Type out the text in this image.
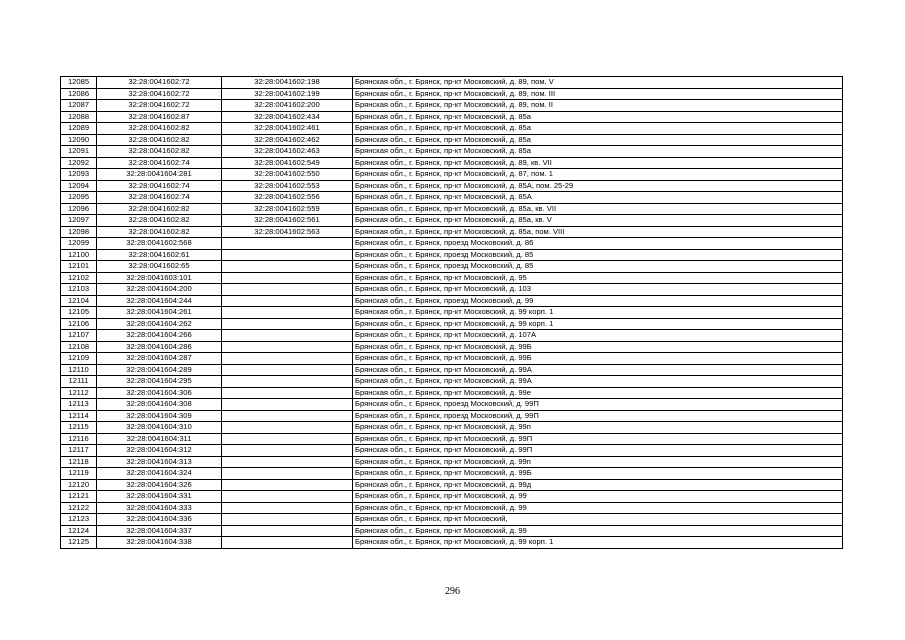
12085	32:28:0041602:72	32:28:0041602:198	Брянская обл., г. Брянск, пр-кт Московский, д. 89, пом. V
12086	32:28:0041602:72	32:28:0041602:199	Брянская обл., г. Брянск, пр-кт Московский, д. 89, пом. III
12087	32:28:0041602:72	32:28:0041602:200	Брянская обл., г. Брянск, пр-кт Московский, д. 89, пом. II
12088	32:28:0041602:87	32:28:0041602:434	Брянская обл., г. Брянск, пр-кт Московский, д. 85а
12089	32:28:0041602:82	32:28:0041602:461	Брянская обл., г. Брянск, пр-кт Московский, д. 85а
12090	32:28:0041602:82	32:28:0041602:462	Брянская обл., г. Брянск, пр-кт Московский, д. 85а
12091	32:28:0041602:82	32:28:0041602:463	Брянская обл., г. Брянск, пр-кт Московский, д. 85а
12092	32:28:0041602:74	32:28:0041602:549	Брянская обл., г. Брянск, пр-кт Московский, д. 89, кв. VII
12093	32:28:0041604:281	32:28:0041602:550	Брянская обл., г. Брянск, пр-кт Московский, д. 87, пом. 1
12094	32:28:0041602:74	32:28:0041602:553	Брянская обл., г. Брянск, пр-кт Московский, д. 85А, пом. 25-29
12095	32:28:0041602:74	32:28:0041602:556	Брянская обл., г. Брянск, пр-кт Московский, д. 85А
12096	32:28:0041602:82	32:28:0041602:559	Брянская обл., г. Брянск, пр-кт Московский, д. 85а, кв. VII
12097	32:28:0041602:82	32:28:0041602:561	Брянская обл., г. Брянск, пр-кт Московский, д. 85а, кв. V
12098	32:28:0041602:82	32:28:0041602:563	Брянская обл., г. Брянск, пр-кт Московский, д. 85а, пом. VIII
12099	32:28:0041602:568		Брянская обл., г. Брянск, проезд Московский, д. 86
12100	32:28:0041602:61		Брянская обл., г. Брянск, проезд Московский, д. 85
12101	32:28:0041602:65		Брянская обл., г. Брянск, проезд Московский, д. 85
12102	32:28:0041603:101		Брянская обл., г. Брянск, пр-кт Московский, д. 95
12103	32:28:0041604:200		Брянская обл., г. Брянск, пр-кт Московский, д. 103
12104	32:28:0041604:244		Брянская обл., г. Брянск, проезд Московский, д. 99
12105	32:28:0041604:261		Брянская обл., г. Брянск, пр-кт Московский, д. 99 корп. 1
12106	32:28:0041604:262		Брянская обл., г. Брянск, пр-кт Московский, д. 99 корп. 1
12107	32:28:0041604:266		Брянская обл., г. Брянск, пр-кт Московский, д. 107А
12108	32:28:0041604:286		Брянская обл., г. Брянск, пр-кт Московский, д. 99Б
12109	32:28:0041604:287		Брянская обл., г. Брянск, пр-кт Московский, д. 99Б
12110	32:28:0041604:289		Брянская обл., г. Брянск, пр-кт Московский, д. 99А
12111	32:28:0041604:295		Брянская обл., г. Брянск, пр-кт Московский, д. 99А
12112	32:28:0041604:306		Брянская обл., г. Брянск, пр-кт Московский, д. 99е
12113	32:28:0041604:308		Брянская обл., г. Брянск, проезд Московский, д. 99П
12114	32:28:0041604:309		Брянская обл., г. Брянск, проезд Московский, д. 99П
12115	32:28:0041604:310		Брянская обл., г. Брянск, пр-кт Московский, д. 99п
12116	32:28:0041604:311		Брянская обл., г. Брянск, пр-кт Московский, д. 99П
12117	32:28:0041604:312		Брянская обл., г. Брянск, пр-кт Московский, д. 99П
12118	32:28:0041604:313		Брянская обл., г. Брянск, пр-кт Московский, д. 99п
12119	32:28:0041604:324		Брянская обл., г. Брянск, пр-кт Московский, д. 99Б
12120	32:28:0041604:326		Брянская обл., г. Брянск, пр-кт Московский, д. 99д
12121	32:28:0041604:331		Брянская обл., г. Брянск, пр-кт Московский, д. 99
12122	32:28:0041604:333		Брянская обл., г. Брянск, пр-кт Московский, д. 99
12123	32:28:0041604:336		Брянская обл., г. Брянск, пр-кт Московский,
12124	32:28:0041604:337		Брянская обл., г. Брянск, пр-кт Московский, д. 99
12125	32:28:0041604:338		Брянская обл., г. Брянск, пр-кт Московский, д. 99 корп. 1
296
